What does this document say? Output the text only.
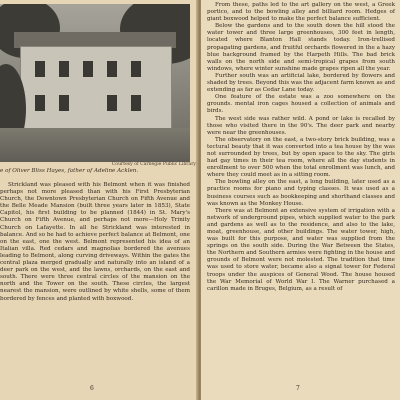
Courtesy of Carnegie Public Library
e of Oliver Bliss Hayes, father of Adeline Acklen.

Strickland was pleased with his Belmont when it was finished perhaps not more pleased than with his First Presbyterian Church, the Downtown Presbyterian Church on Fifth Avenue and the Belle Meade Mansion (built three years later in 1853), State Capitol, his first building to be planned (1844) in St. Mary's Church on Fifth Avenue, and perhaps not more—Holy Trinity Church on Lafayette. In all he Strickland was interested in balance. And so he had to achieve perfect balance at Belmont, one on the east, one the west. Belmont represented his idea of an Italian villa. Red cedars and magnolias bordered the avenues leading to Belmont, along curving driveways. Within the gates the central plaza merged gradually and naturally into an island of a deer park on the west, and the lawns, orchards, on the east and south. There were three central circles of the mansion on the north and the Tower on the south. These circles, the largest nearest the mansion, were outlined by white shells, some of them bordered by fences and planted with boxwood.

6

From these, paths led to the art gallery on the west, a Greek portico, and to the bowling alley and billiard room. Hedges of giant boxwood helped to make the perfect balance sufficient.

Below the gardens and to the south down the hill stood the water tower and three large greenhouses, 300 feet in length, located where Blanton Hall stands today. Iron-trellised propagating gardens, and fruitful orchards flowered in the a hazy blue background framed by the Harpeth Hills. The bad brick walls on the north side and semi-tropical grapes from south windows, where winter sunshine made grapes ripen all the year.

Further south was an artificial lake, bordered by flowers and shaded by trees. Beyond this was the adjacent farm known as and extending as far as Cedar Lane today.

One feature of the estate was a zoo somewhere on the grounds. mental iron cages housed a collection of animals and birds.

The west side was rather wild. A pond or lake is recalled by those who visited there in the 90's. The deer park and nearby were near the greenhouses.

The observatory on the east, a two-story brick building, was a tectural beauty that it was converted into a tea house by the was not surrounded by trees, but by open space to the sky. The girls had gay times in their tea room, where all the day students in enrollment to over 500 when the total enrollment was lunch, and where they could meet as in a sitting room.

The bowling alley on the east, a long building, later used as a practice rooms for piano and typing classes. It was used as a business courses such as bookkeeping and shorthand classes and was known as the Monkey House.

There was at Belmont an extensive system of irrigation with a network of underground pipes, which supplied water to the park and gardens as well as to the residence, and also to the lake, moat, greenhouse, and other buildings. The water tower, high, was built for this purpose, and water was supplied from the springs on the south side. During the War Between the States, the Northern and Southern armies were fighting in the house and grounds of Belmont were not molested. The tradition that time was used to store water, became also a signal tower for Federal troops under the auspices of General Wood. The house housed the War Memorial of World War I. The Warner purchased a carillon made in Bruges, Belgium, as a result of

7
